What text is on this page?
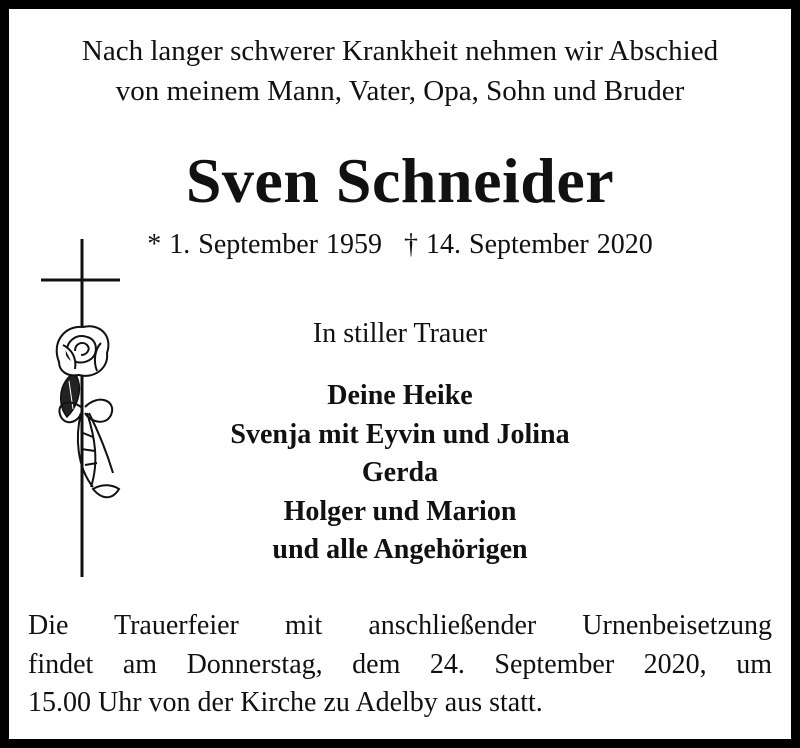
Nach langer schwerer Krankheit nehmen wir Abschied
von meinem Mann, Vater, Opa, Sohn und Bruder
Sven Schneider
* 1. September 1959 † 14. September 2020
In stiller Trauer
Deine Heike
Svenja mit Eyvin und Jolina
Gerda
Holger und Marion
und alle Angehörigen
Die Trauerfeier mit anschließender Urnenbeisetzung
findet am Donnerstag, dem 24. September 2020, um
15.00 Uhr von der Kirche zu Adelby aus statt.
